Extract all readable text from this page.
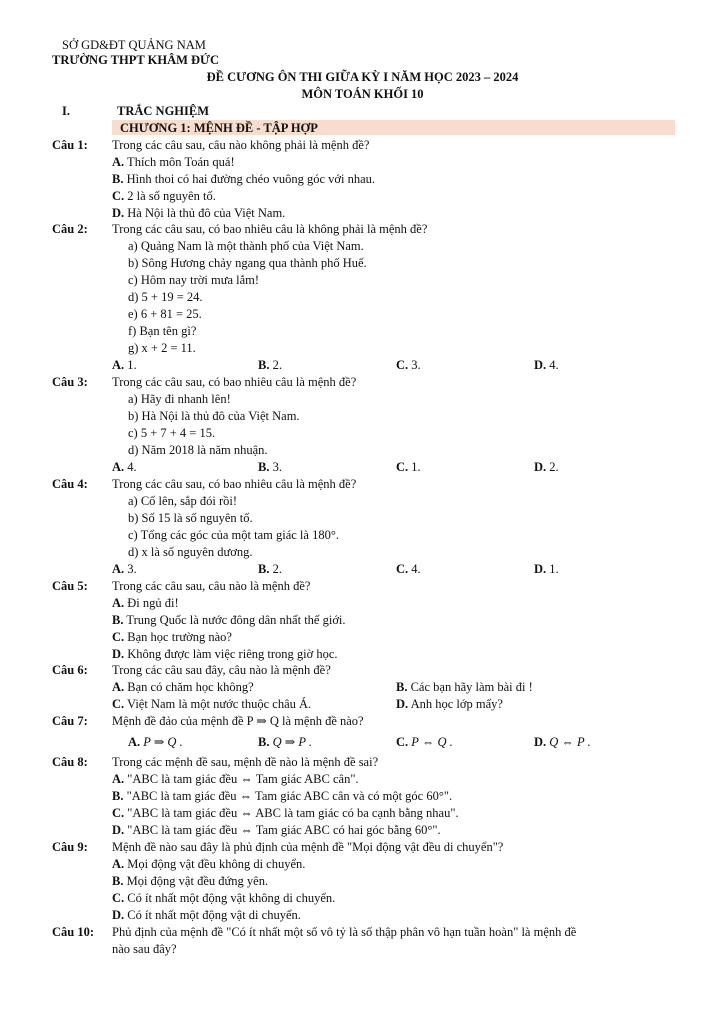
SỞ GD&ĐT QUẢNG NAM
TRƯỜNG THPT KHÂM ĐỨC
ĐỀ CƯƠNG ÔN THI GIỮA KỲ I NĂM HỌC 2023 – 2024
MÔN TOÁN KHỐI 10
I.	TRẮC NGHIỆM
CHƯƠNG 1: MỆNH ĐỀ - TẬP HỢP
Câu 1: Trong các câu sau, câu nào không phải là mệnh đề?
A. Thích môn Toán quá!
B. Hình thoi có hai đường chéo vuông góc với nhau.
C. 2 là số nguyên tố.
D. Hà Nội là thủ đô của Việt Nam.
Câu 2: Trong các câu sau, có bao nhiêu câu là không phải là mệnh đề?
a) Quảng Nam là một thành phố của Việt Nam.
b) Sông Hương chảy ngang qua thành phố Huế.
c) Hôm nay trời mưa lắm!
d) 5 + 19 = 24.
e) 6 + 81 = 25.
f) Bạn tên gì?
g) x + 2 = 11.
A. 1.	B. 2.	C. 3.	D. 4.
Câu 3: Trong các câu sau, có bao nhiêu câu là mệnh đề?
a) Hãy đi nhanh lên!
b) Hà Nội là thủ đô của Việt Nam.
c) 5 + 7 + 4 = 15.
d) Năm 2018 là năm nhuận.
A. 4.	B. 3.	C. 1.	D. 2.
Câu 4: Trong các câu sau, có bao nhiêu câu là mệnh đề?
a) Cố lên, sắp đói rồi!
b) Số 15 là số nguyên tố.
c) Tổng các góc của một tam giác là 180°.
d) x là số nguyên dương.
A. 3.	B. 2.	C. 4.	D. 1.
Câu 5: Trong các câu sau, câu nào là mệnh đề?
A. Đi ngủ đi!
B. Trung Quốc là nước đông dân nhất thế giới.
C. Bạn học trường nào?
D. Không được làm việc riêng trong giờ học.
Câu 6: Trong các câu sau đây, câu nào là mệnh đề?
A. Bạn có chăm học không?	B. Các bạn hãy làm bài đi !
C. Việt Nam là một nước thuộc châu Á.	D. Anh học lớp mấy?
Câu 7: Mệnh đề đảo của mệnh đề P ⇒ Q là mệnh đề nào?
A. P ⇒ Q .	B. Q ⇒ P .	C. P ⇔ Q .	D. Q ⇔ P .
Câu 8: Trong các mệnh đề sau, mệnh đề nào là mệnh đề sai?
A. "ABC là tam giác đều ⇔ Tam giác ABC cân".
B. "ABC là tam giác đều ⇔ Tam giác ABC cân và có một góc 60°".
C. "ABC là tam giác đều ⇔ ABC là tam giác có ba cạnh bằng nhau".
D. "ABC là tam giác đều ⇔ Tam giác ABC có hai góc bằng 60°".
Câu 9: Mệnh đề nào sau đây là phủ định của mệnh đề "Mọi động vật đều di chuyển"?
A. Mọi động vật đều không di chuyển.
B. Mọi động vật đều đứng yên.
C. Có ít nhất một động vật không di chuyển.
D. Có ít nhất một động vật di chuyển.
Câu 10: Phủ định của mệnh đề "Có ít nhất một số vô tỷ là số thập phân vô hạn tuần hoàn" là mệnh đề
nào sau đây?
